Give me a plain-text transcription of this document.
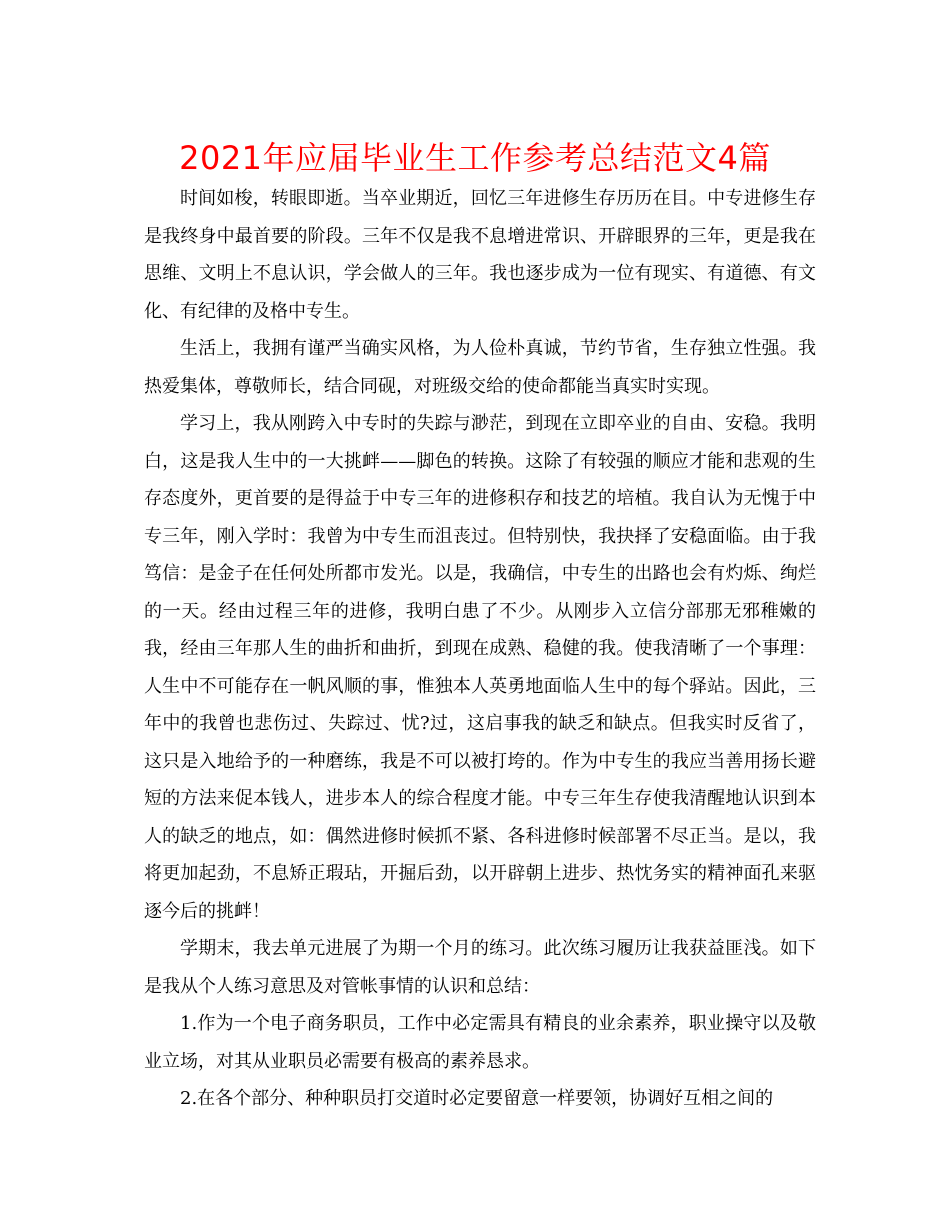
2021年应届毕业生工作参考总结范文4篇

时间如梭，转眼即逝。当卒业期近，回忆三年进修生存历历在目。中专进修生存是我终身中最首要的阶段。三年不仅是我不息增进常识、开辟眼界的三年，更是我在思维、文明上不息认识，学会做人的三年。我也逐步成为一位有现实、有道德、有文化、有纪律的及格中专生。

生活上，我拥有谨严当确实风格，为人俭朴真诚，节约节省，生存独立性强。我热爱集体，尊敬师长，结合同砚，对班级交给的使命都能当真实时实现。

学习上，我从刚跨入中专时的失踪与渺茫，到现在立即卒业的自由、安稳。我明白，这是我人生中的一大挑衅——脚色的转换。这除了有较强的顺应才能和悲观的生存态度外，更首要的是得益于中专三年的进修积存和技艺的培植。我自认为无愧于中专三年，刚入学时：我曾为中专生而沮丧过。但特别快，我抉择了安稳面临。由于我笃信：是金子在任何处所都市发光。以是，我确信，中专生的出路也会有灼烁、绚烂的一天。经由过程三年的进修，我明白患了不少。从刚步入立信分部那无邪稚嫩的我，经由三年那人生的曲折和曲折，到现在成熟、稳健的我。使我清晰了一个事理：人生中不可能存在一帆风顺的事，惟独本人英勇地面临人生中的每个驿站。因此，三年中的我曾也悲伤过、失踪过、忧?过，这启事我的缺乏和缺点。但我实时反省了，这只是入地给予的一种磨练，我是不可以被打垮的。作为中专生的我应当善用扬长避短的方法来促本钱人，进步本人的综合程度才能。中专三年生存使我清醒地认识到本人的缺乏的地点，如：偶然进修时候抓不紧、各科进修时候部署不尽正当。是以，我将更加起劲，不息矫正瑕玷，开掘后劲，以开辟朝上进步、热忱务实的精神面孔来驱逐今后的挑衅！

学期末，我去单元进展了为期一个月的练习。此次练习履历让我获益匪浅。如下是我从个人练习意思及对管帐事情的认识和总结：

1.作为一个电子商务职员，工作中必定需具有精良的业余素养，职业操守以及敬业立场，对其从业职员必需要有极高的素养恳求。

2.在各个部分、种种职员打交道时必定要留意一样要领，协调好互相之间的
